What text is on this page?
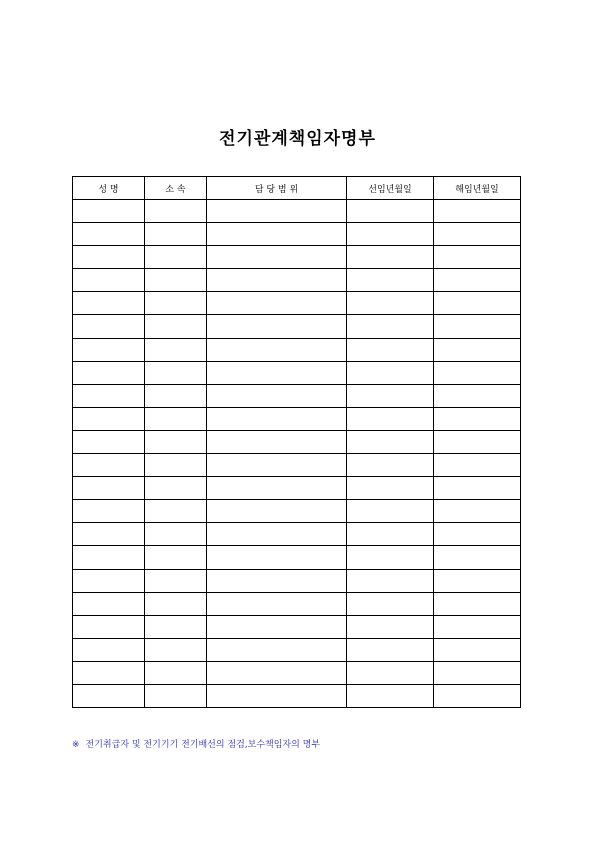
전기관계책임자명부
성 명	소 속	담 당 범 위	선임년월일	해임년월일

※ 전기취급자 및 전기기기 전기배선의 점검,보수책임자의 명부
